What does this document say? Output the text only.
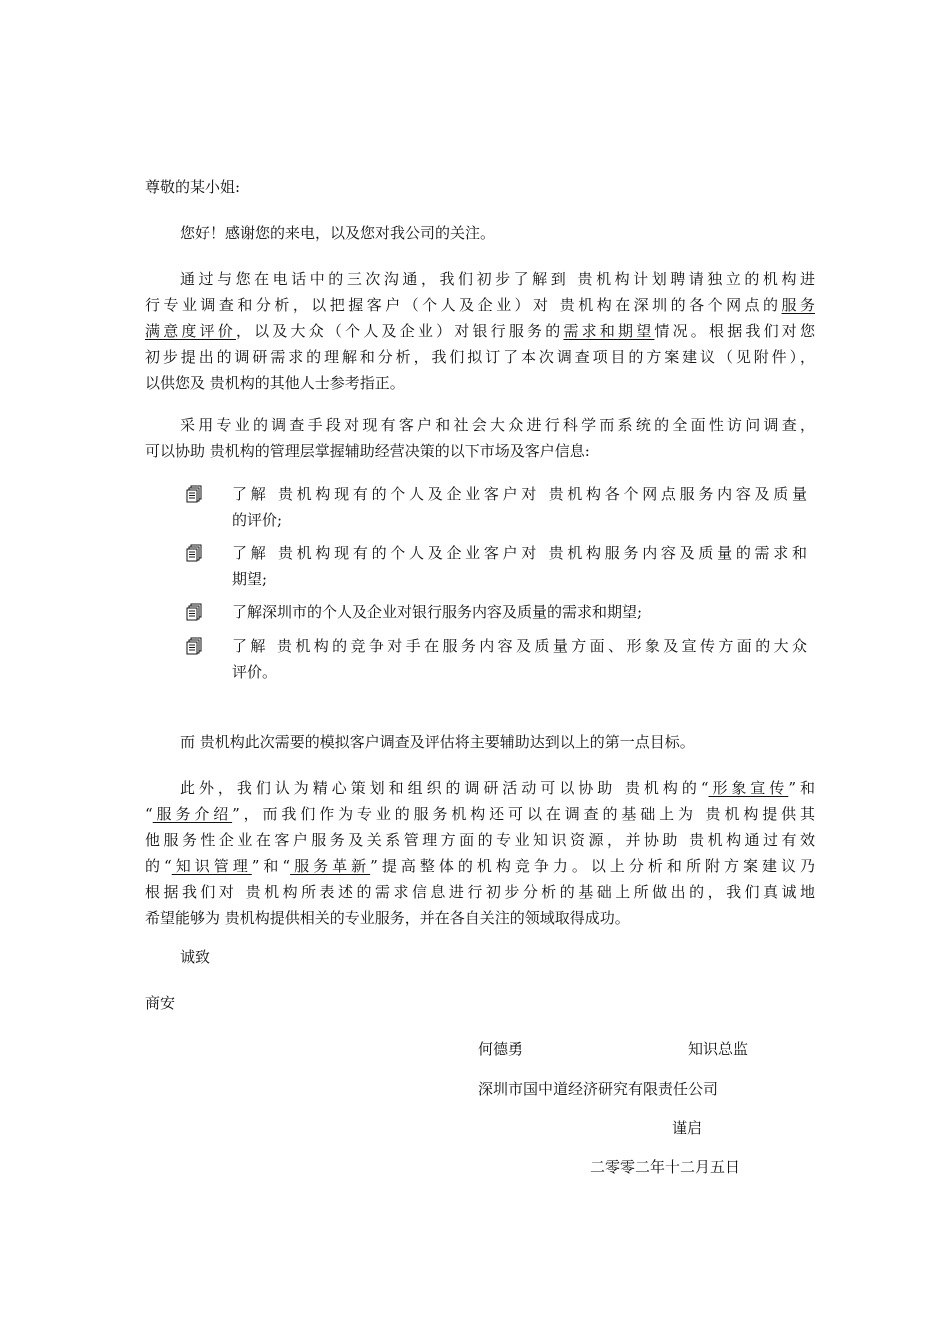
尊敬的某小姐:

您好！感谢您的来电，以及您对我公司的关注。

通过与您在电话中的三次沟通，我们初步了解到 贵机构计划聘请独立的机构进
行专业调查和分析，以把握客户（个人及企业）对 贵机构在深圳的各个网点的服务
满意度评价，以及大众（个人及企业）对银行服务的需求和期望情况。根据我们对您
初步提出的调研需求的理解和分析，我们拟订了本次调查项目的方案建议（见附件），
以供您及 贵机构的其他人士参考指正。
采用专业的调查手段对现有客户和社会大众进行科学而系统的全面性访问调查，
可以协助 贵机构的管理层掌握辅助经营决策的以下市场及客户信息:
了解 贵机构现有的个人及企业客户对 贵机构各个网点服务内容及质量
的评价;
了解 贵机构现有的个人及企业客户对 贵机构服务内容及质量的需求和
期望;
了解深圳市的个人及企业对银行服务内容及质量的需求和期望;
了解 贵机构的竞争对手在服务内容及质量方面、形象及宣传方面的大众
评价。

而 贵机构此次需要的模拟客户调查及评估将主要辅助达到以上的第一点目标。

此外，我们认为精心策划和组织的调研活动可以协助 贵机构的“形象宣传”和
“服务介绍”，而我们作为专业的服务机构还可以在调查的基础上为 贵机构提供其
他服务性企业在客户服务及关系管理方面的专业知识资源，并协助 贵机构通过有效
的“知识管理”和“服务革新”提高整体的机构竞争力。以上分析和所附方案建议乃
根据我们对 贵机构所表述的需求信息进行初步分析的基础上所做出的，我们真诚地
希望能够为 贵机构提供相关的专业服务，并在各自关注的领域取得成功。

诚致

商安

何德勇	知识总监

深圳市国中道经济研究有限责任公司

谨启

二零零二年十二月五日
